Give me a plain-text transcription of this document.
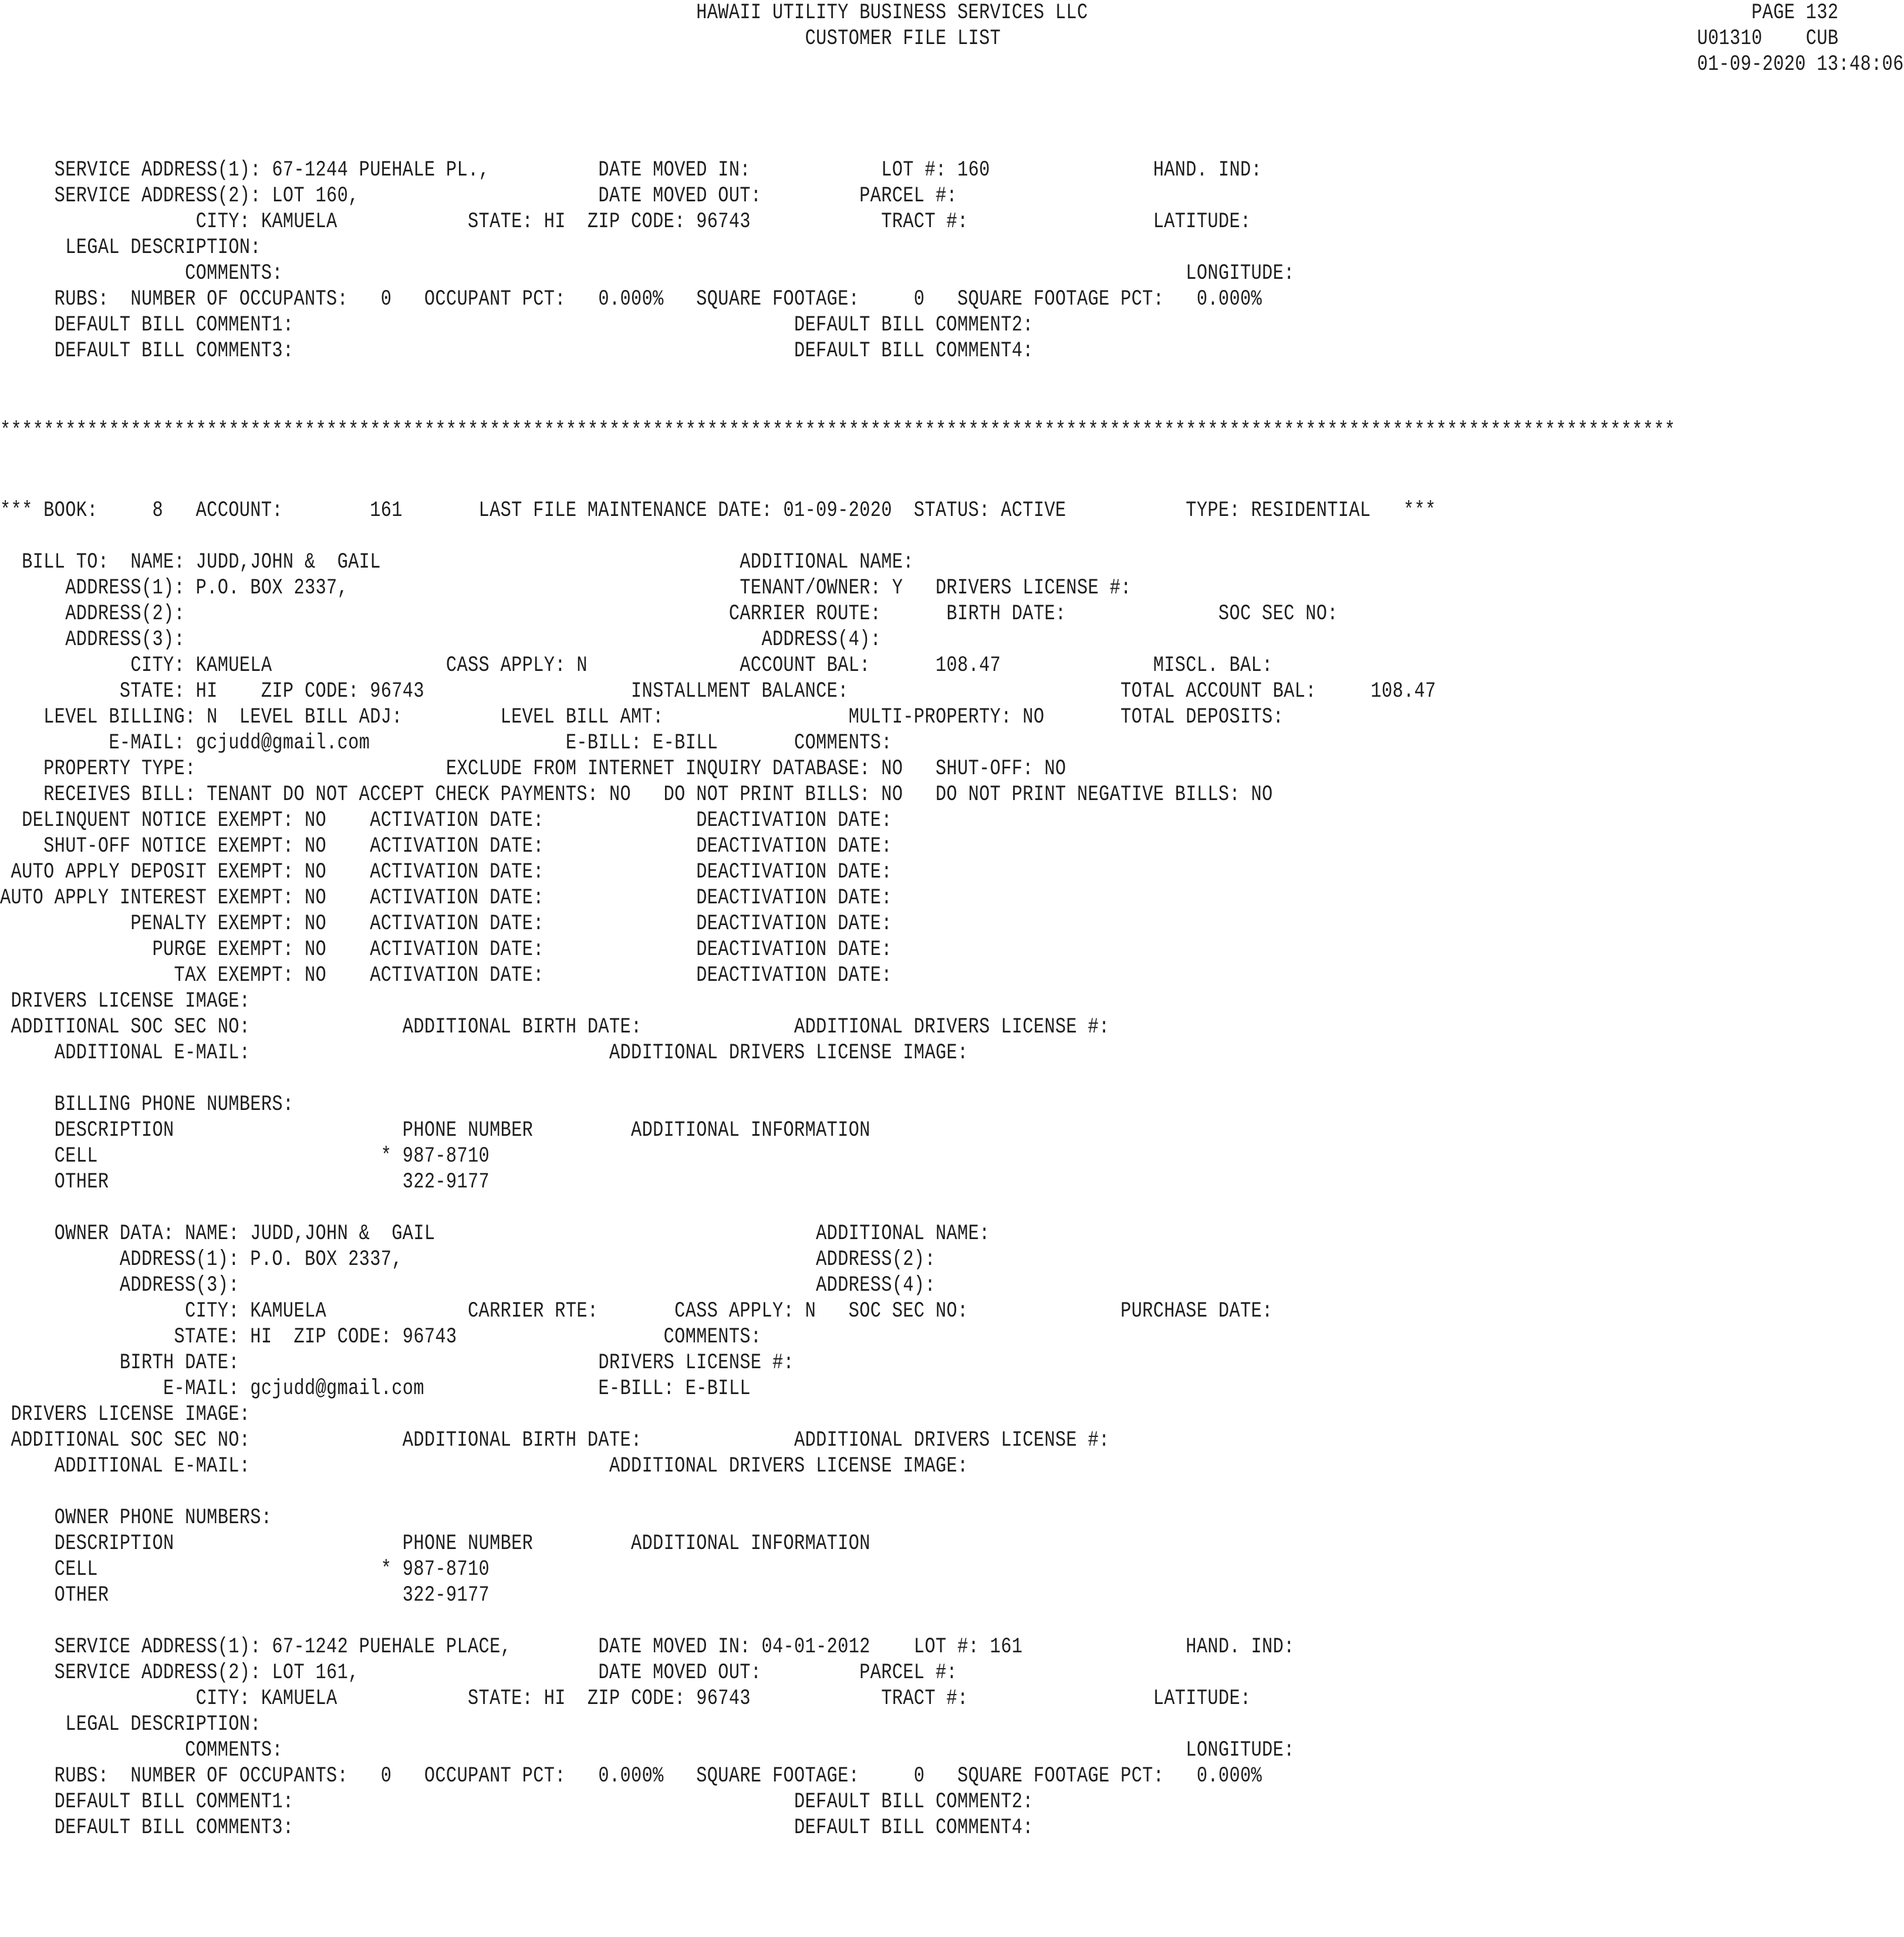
HAWAII UTILITY BUSINESS SERVICES LLC                                                             PAGE 132
CUSTOMER FILE LIST                                                                U01310    CUB
01-09-2020 13:48:06
SERVICE ADDRESS(1): 67-1244 PUEHALE PL.,          DATE MOVED IN:            LOT #: 160               HAND. IND:
SERVICE ADDRESS(2): LOT 160,                      DATE MOVED OUT:         PARCEL #:
CITY: KAMUELA            STATE: HI  ZIP CODE: 96743            TRACT #:                 LATITUDE:
LEGAL DESCRIPTION:
COMMENTS:                                                                                   LONGITUDE:
RUBS:  NUMBER OF OCCUPANTS:   0   OCCUPANT PCT:   0.000%   SQUARE FOOTAGE:     0   SQUARE FOOTAGE PCT:   0.000%
DEFAULT BILL COMMENT1:                                              DEFAULT BILL COMMENT2:
DEFAULT BILL COMMENT3:                                              DEFAULT BILL COMMENT4:
**********************************************************************************************************************************************************
*** BOOK:     8   ACCOUNT:        161       LAST FILE MAINTENANCE DATE: 01-09-2020  STATUS: ACTIVE           TYPE: RESIDENTIAL   ***
BILL TO:  NAME: JUDD,JOHN &  GAIL                                 ADDITIONAL NAME:
ADDRESS(1): P.O. BOX 2337,                                    TENANT/OWNER: Y   DRIVERS LICENSE #:
ADDRESS(2):                                                  CARRIER ROUTE:      BIRTH DATE:              SOC SEC NO:
ADDRESS(3):                                                     ADDRESS(4):
CITY: KAMUELA                CASS APPLY: N              ACCOUNT BAL:      108.47              MISCL. BAL:
STATE: HI    ZIP CODE: 96743                   INSTALLMENT BALANCE:                         TOTAL ACCOUNT BAL:     108.47
LEVEL BILLING: N  LEVEL BILL ADJ:         LEVEL BILL AMT:                 MULTI-PROPERTY: NO       TOTAL DEPOSITS:
E-MAIL: gcjudd@gmail.com                  E-BILL: E-BILL       COMMENTS:
PROPERTY TYPE:                       EXCLUDE FROM INTERNET INQUIRY DATABASE: NO   SHUT-OFF: NO
RECEIVES BILL: TENANT DO NOT ACCEPT CHECK PAYMENTS: NO   DO NOT PRINT BILLS: NO   DO NOT PRINT NEGATIVE BILLS: NO
DELINQUENT NOTICE EXEMPT: NO    ACTIVATION DATE:              DEACTIVATION DATE:
SHUT-OFF NOTICE EXEMPT: NO    ACTIVATION DATE:              DEACTIVATION DATE:
AUTO APPLY DEPOSIT EXEMPT: NO    ACTIVATION DATE:              DEACTIVATION DATE:
AUTO APPLY INTEREST EXEMPT: NO    ACTIVATION DATE:              DEACTIVATION DATE:
PENALTY EXEMPT: NO    ACTIVATION DATE:              DEACTIVATION DATE:
PURGE EXEMPT: NO    ACTIVATION DATE:              DEACTIVATION DATE:
TAX EXEMPT: NO    ACTIVATION DATE:              DEACTIVATION DATE:
DRIVERS LICENSE IMAGE:
ADDITIONAL SOC SEC NO:              ADDITIONAL BIRTH DATE:              ADDITIONAL DRIVERS LICENSE #:
ADDITIONAL E-MAIL:                                 ADDITIONAL DRIVERS LICENSE IMAGE:
BILLING PHONE NUMBERS:
DESCRIPTION                     PHONE NUMBER         ADDITIONAL INFORMATION
CELL                          * 987-8710
OTHER                           322-9177
OWNER DATA: NAME: JUDD,JOHN &  GAIL                                   ADDITIONAL NAME:
ADDRESS(1): P.O. BOX 2337,                                      ADDRESS(2):
ADDRESS(3):                                                     ADDRESS(4):
CITY: KAMUELA             CARRIER RTE:       CASS APPLY: N   SOC SEC NO:              PURCHASE DATE:
STATE: HI  ZIP CODE: 96743                   COMMENTS:
BIRTH DATE:                                 DRIVERS LICENSE #:
E-MAIL: gcjudd@gmail.com                E-BILL: E-BILL
DRIVERS LICENSE IMAGE:
ADDITIONAL SOC SEC NO:              ADDITIONAL BIRTH DATE:              ADDITIONAL DRIVERS LICENSE #:
ADDITIONAL E-MAIL:                                 ADDITIONAL DRIVERS LICENSE IMAGE:
OWNER PHONE NUMBERS:
DESCRIPTION                     PHONE NUMBER         ADDITIONAL INFORMATION
CELL                          * 987-8710
OTHER                           322-9177
SERVICE ADDRESS(1): 67-1242 PUEHALE PLACE,        DATE MOVED IN: 04-01-2012    LOT #: 161               HAND. IND:
SERVICE ADDRESS(2): LOT 161,                      DATE MOVED OUT:         PARCEL #:
CITY: KAMUELA            STATE: HI  ZIP CODE: 96743            TRACT #:                 LATITUDE:
LEGAL DESCRIPTION:
COMMENTS:                                                                                   LONGITUDE:
RUBS:  NUMBER OF OCCUPANTS:   0   OCCUPANT PCT:   0.000%   SQUARE FOOTAGE:     0   SQUARE FOOTAGE PCT:   0.000%
DEFAULT BILL COMMENT1:                                              DEFAULT BILL COMMENT2:
DEFAULT BILL COMMENT3:                                              DEFAULT BILL COMMENT4:
